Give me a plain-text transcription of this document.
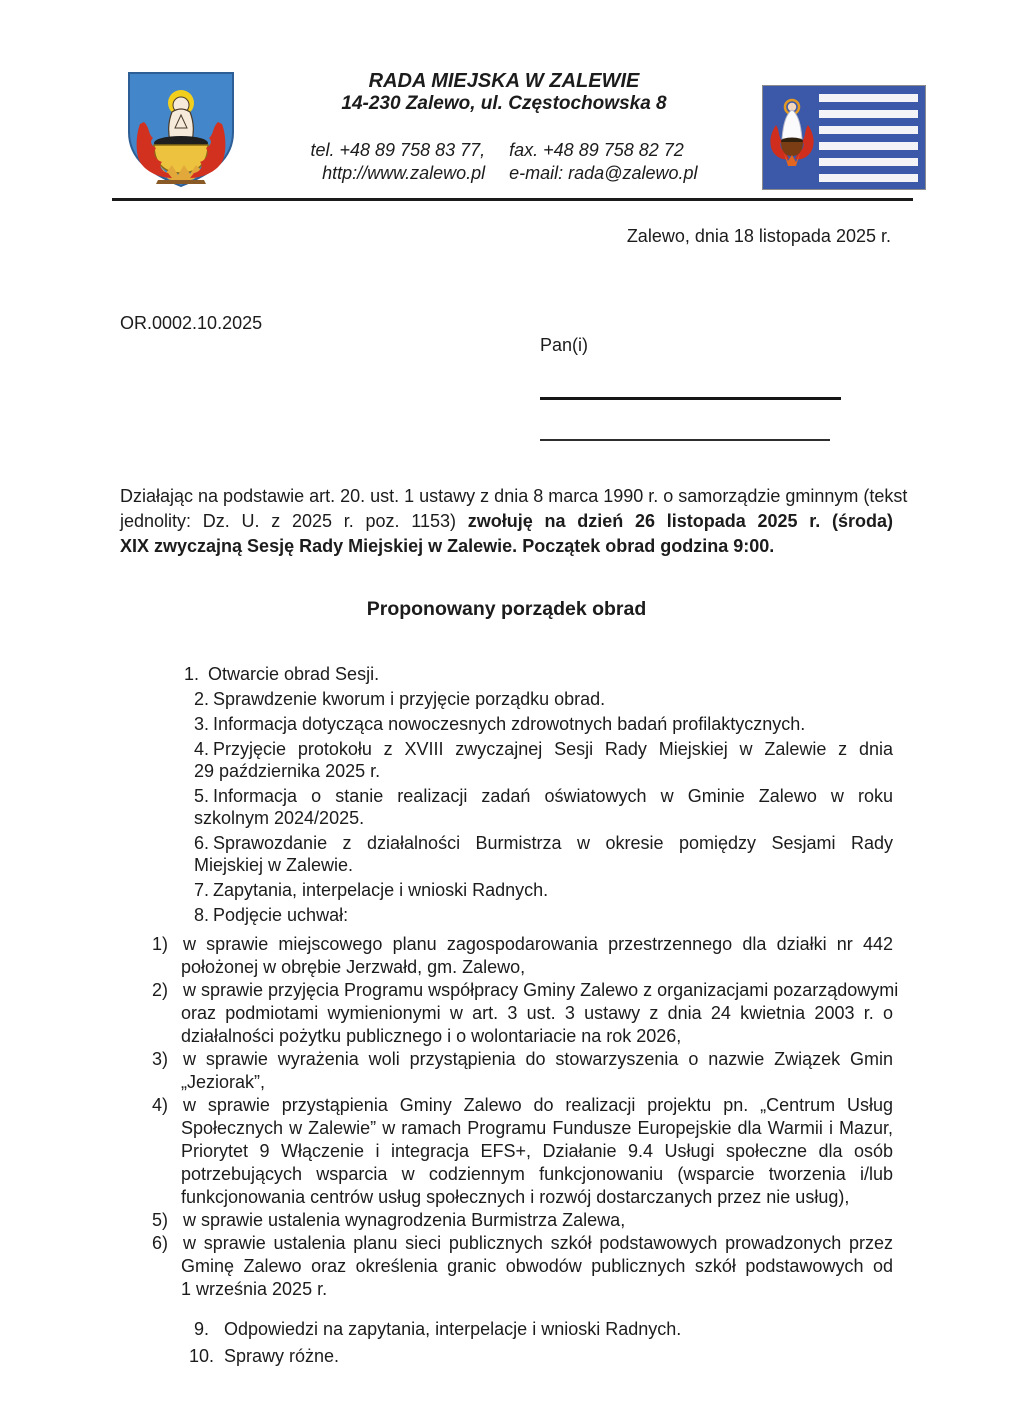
RADA MIEJSKA W ZALEWIE
14-230 Zalewo, ul. Częstochowska 8
tel. +48 89 758 83 77,
http://www.zalewo.pl
fax. +48 89 758 82 72
e-mail: rada@zalewo.pl
Zalewo, dnia 18 listopada 2025 r.
OR.0002.10.2025
Pan(i)
Działając na podstawie art. 20. ust. 1 ustawy z dnia 8 marca 1990 r. o samorządzie gminnym (tekst
jednolity: Dz. U. z 2025 r. poz. 1153) zwołuję na dzień 26 listopada 2025 r. (środa)
XIX zwyczajną Sesję Rady Miejskiej w Zalewie. Początek obrad godzina 9:00.
Proponowany porządek obrad
1. Otwarcie obrad Sesji.
2. Sprawdzenie kworum i przyjęcie porządku obrad.
3. Informacja dotycząca nowoczesnych zdrowotnych badań profilaktycznych.
4. Przyjęcie protokołu z XVIII zwyczajnej Sesji Rady Miejskiej w Zalewie z dnia
29 października 2025 r.
5. Informacja o stanie realizacji zadań oświatowych w Gminie Zalewo w roku
szkolnym 2024/2025.
6. Sprawozdanie z działalności Burmistrza w okresie pomiędzy Sesjami Rady
Miejskiej w Zalewie.
7. Zapytania, interpelacje i wnioski Radnych.
8. Podjęcie uchwał:
1) w sprawie miejscowego planu zagospodarowania przestrzennego dla działki nr 442
położonej w obrębie Jerzwałd, gm. Zalewo,
2) w sprawie przyjęcia Programu współpracy Gminy Zalewo z organizacjami pozarządowymi
oraz podmiotami wymienionymi w art. 3 ust. 3 ustawy z dnia 24 kwietnia 2003 r. o
działalności pożytku publicznego i o wolontariacie na rok 2026,
3) w sprawie wyrażenia woli przystąpienia do stowarzyszenia o nazwie Związek Gmin
„Jeziorak”,
4) w sprawie przystąpienia Gminy Zalewo do realizacji projektu pn. „Centrum Usług
Społecznych w Zalewie” w ramach Programu Fundusze Europejskie dla Warmii i Mazur,
Priorytet 9 Włączenie i integracja EFS+, Działanie 9.4 Usługi społeczne dla osób
potrzebujących wsparcia w codziennym funkcjonowaniu (wsparcie tworzenia i/lub
funkcjonowania centrów usług społecznych i rozwój dostarczanych przez nie usług),
5) w sprawie ustalenia wynagrodzenia Burmistrza Zalewa,
6) w sprawie ustalenia planu sieci publicznych szkół podstawowych prowadzonych przez
Gminę Zalewo oraz określenia granic obwodów publicznych szkół podstawowych od
1 września 2025 r.
9. Odpowiedzi na zapytania, interpelacje i wnioski Radnych.
10. Sprawy różne.
